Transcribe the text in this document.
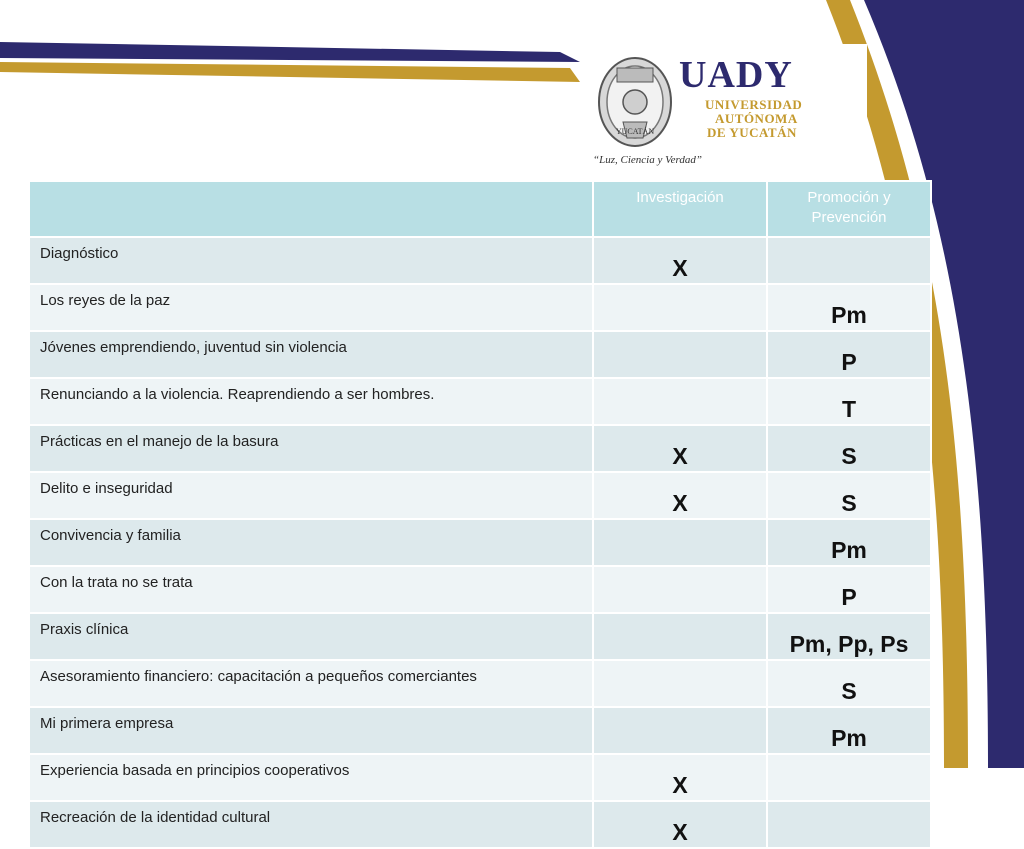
YUCATÁN
UADY
UNIVERSIDAD
AUTÓNOMA
DE YUCATÁN
“Luz, Ciencia y Verdad”
	Investigación	Promoción y Prevención
Diagnóstico	X	
Los reyes de la paz		Pm
Jóvenes emprendiendo, juventud sin violencia		P
Renunciando a la violencia. Reaprendiendo a ser hombres.		T
Prácticas en el manejo de la basura	X	S
Delito e inseguridad	X	S
Convivencia y familia		Pm
Con la trata no se trata		P
Praxis clínica		Pm, Pp, Ps
Asesoramiento financiero: capacitación a pequeños comerciantes		S
Mi primera empresa		Pm
Experiencia basada en principios cooperativos	X	
Recreación de la identidad cultural	X	
